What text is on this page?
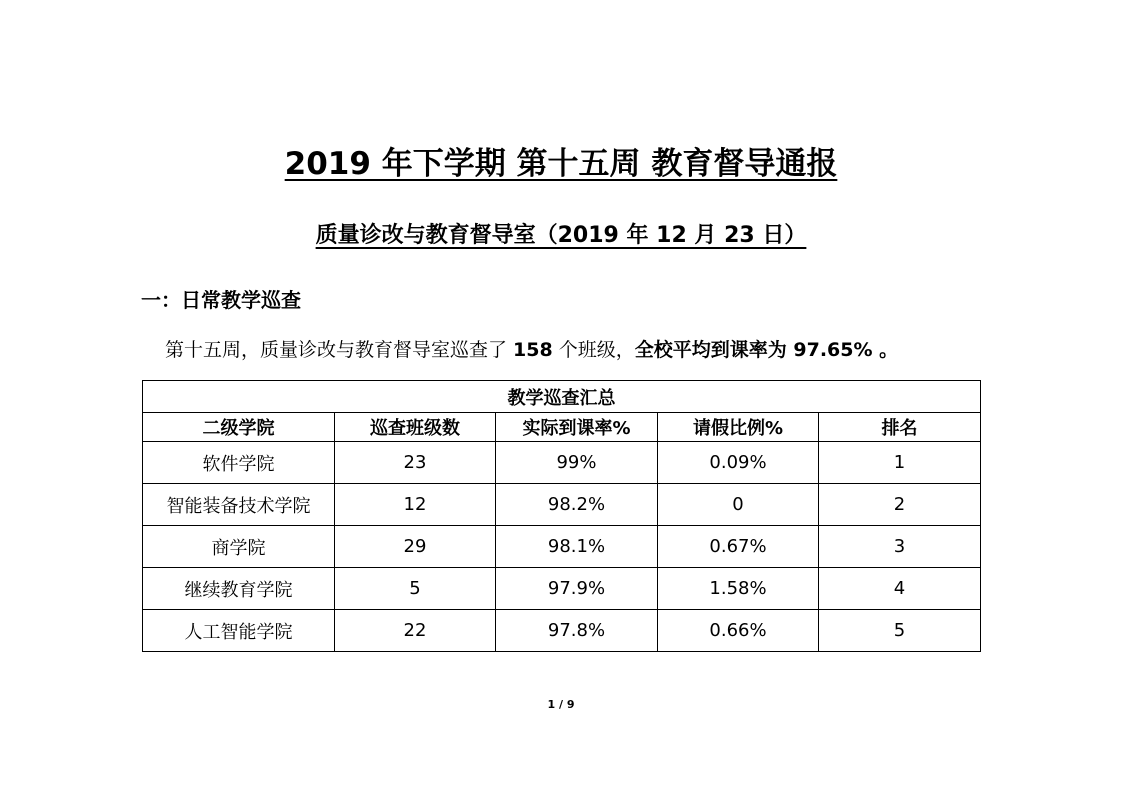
2019 年下学期 第十五周 教育督导通报
质量诊改与教育督导室（2019 年 12 月 23 日）
一：日常教学巡查
第十五周，质量诊改与教育督导室巡查了 158 个班级，全校平均到课率为 97.65% 。
教学巡查汇总				
二级学院	巡查班级数	实际到课率%	请假比例%	排名
软件学院	23	99%	0.09%	1
智能装备技术学院	12	98.2%	0	2
商学院	29	98.1%	0.67%	3
继续教育学院	5	97.9%	1.58%	4
人工智能学院	22	97.8%	0.66%	5
1 / 9
